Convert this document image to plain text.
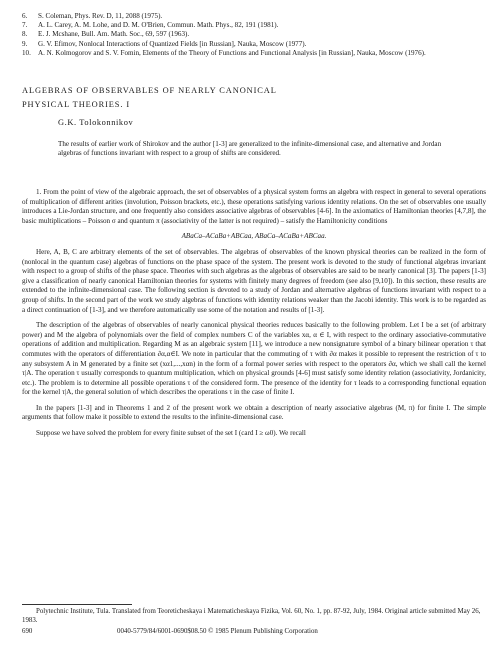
6.	S. Coleman, Phys. Rev. D, 11, 2088 (1975).
7.	A. L. Carey, A. M. Lohe, and D. M. O'Brien, Commun. Math. Phys., 82, 191 (1981).
8.	E. J. Mcshane, Bull. Am. Math. Soc., 69, 597 (1963).
9.	G. V. Efimov, Nonlocal Interactions of Quantized Fields [in Russian], Nauka, Moscow (1977).
10.	A. N. Kolmogorov and S. V. Fomin, Elements of the Theory of Functions and Functional Analysis [in Russian], Nauka, Moscow (1976).
ALGEBRAS OF OBSERVABLES OF NEARLY CANONICAL
PHYSICAL THEORIES. I
G.K. Tolokonnikov
The results of earlier work of Shirokov and the author [1-3] are generalized to the infinite-dimensional case, and alternative and Jordan algebras of functions invariant with respect to a group of shifts are considered.

1. From the point of view of the algebraic approach, the set of observables of a physical system forms an algebra with respect in general to several operations of multiplication of different arities (involution, Poisson brackets, etc.), these operations satisfying various identity relations. On the set of observables one usually introduces a Lie-Jordan structure, and one frequently also considers associative algebras of observables [4-6]. In the axiomatics of Hamiltonian theories [4,7,8], the basic multiplications – Poisson σ and quantum π (associativity of the latter is not required) – satisfy the Hamiltonicity conditions

ABaCa–ACaBa+ABCaa, ABaCa–ACaBa+ABCaa.

Here, A, B, C are arbitrary elements of the set of observables. The algebras of observables of the known physical theories can be realized in the form of (nonlocal in the quantum case) algebras of functions on the phase space of the system. The present work is devoted to the study of functional algebras invariant with respect to a group of shifts of the phase space. Theories with such algebras as the algebras of observables are said to be nearly canonical [3]. The papers [1-3] give a classification of nearly canonical Hamiltonian theories for systems with finitely many degrees of freedom (see also [9,10]). In this section, these results are extended to the infinite-dimensional case. The following section is devoted to a study of Jordan and alternative algebras of functions invariant with respect to a group of shifts. In the second part of the work we study algebras of functions with identity relations weaker than the Jacobi identity. This work is to be regarded as a direct continuation of [1-3], and we therefore automatically use some of the notation and results of [1-3].

The description of the algebras of observables of nearly canonical physical theories reduces basically to the following problem. Let I be a set (of arbitrary power) and M the algebra of polynomials over the field of complex numbers C of the variables xα, α ∈ I, with respect to the ordinary associative-commutative operations of addition and multiplication. Regarding M as an algebraic system [11], we introduce a new nonsignature symbol of a binary bilinear operation τ that commutes with the operators of differentiation ∂α,α∈I. We note in particular that the commuting of τ with ∂α makes it possible to represent the restriction of τ to any subsystem A in M generated by a finite set (xα1,...,xαn) in the form of a formal power series with respect to the operators ∂α, which we shall call the kernel τ|A. The operation τ usually corresponds to quantum multiplication, which on physical grounds [4-6] must satisfy some identity relation (associativity, Jordanicity, etc.). The problem is to determine all possible operations τ of the considered form. The presence of the identity for τ leads to a corresponding functional equation for the kernel τ|A, the general solution of which describes the operations τ in the case of finite I.

In the papers [1-3] and in Theorems 1 and 2 of the present work we obtain a description of nearly associative algebras (M, π) for finite I. The simple arguments that follow make it possible to extend the results to the infinite-dimensional case.

Suppose we have solved the problem for every finite subset of the set I (card I ≥ ω0). We recall

Polytechnic Institute, Tula. Translated from Teoreticheskaya i Matematicheskaya Fizika, Vol. 60, No. 1, pp. 87-92, July, 1984. Original article submitted May 26, 1983.
690	0040-5779/84/6001-0690$08.50 © 1985 Plenum Publishing Corporation
